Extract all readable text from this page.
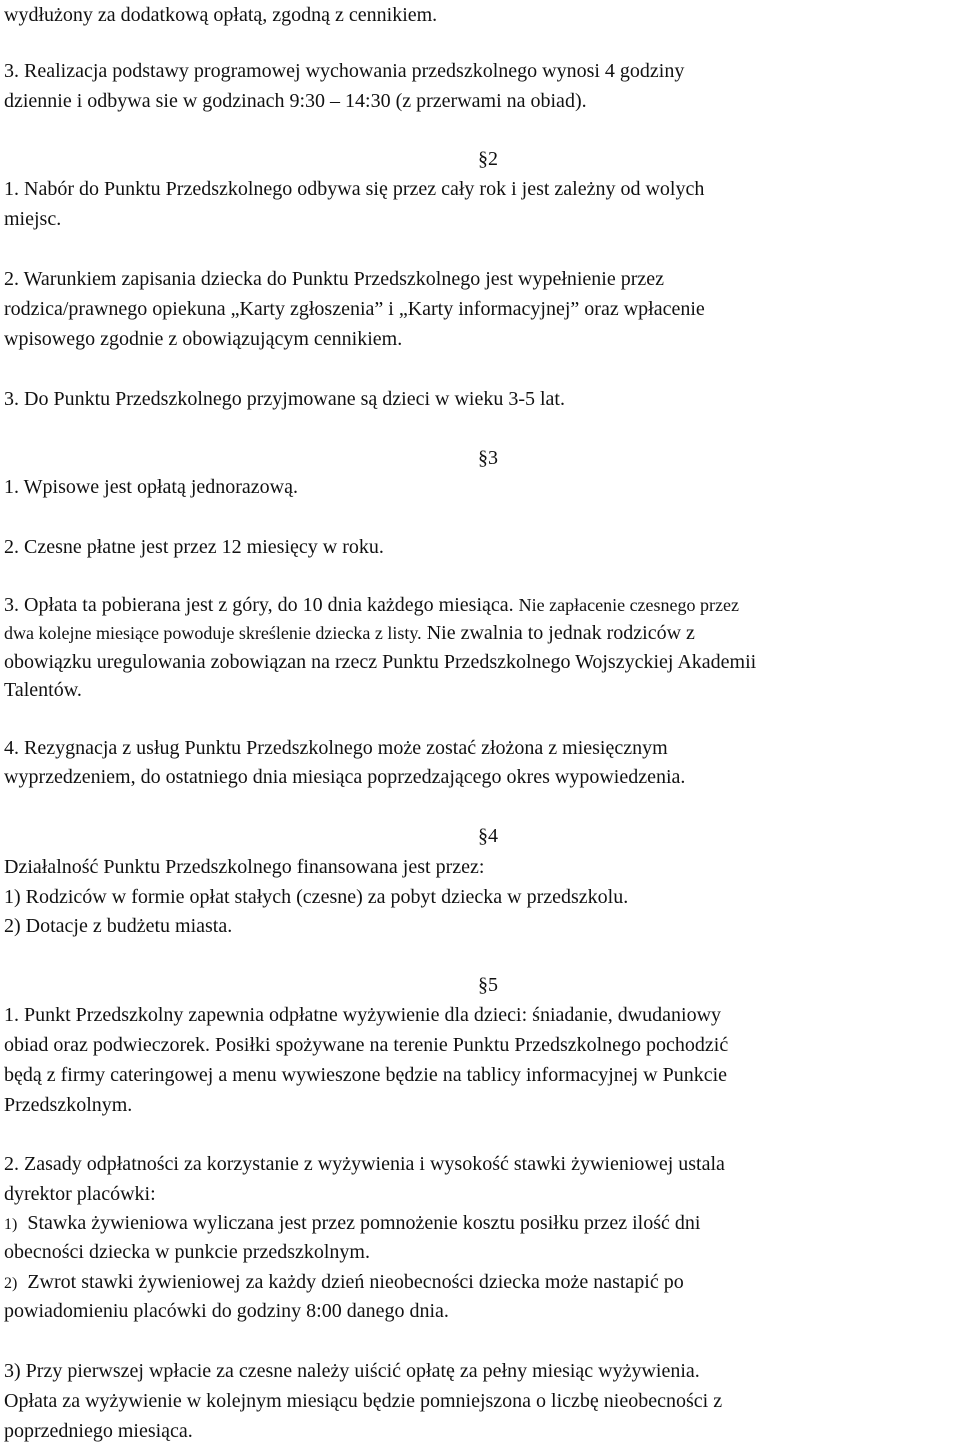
wydłużony za dodatkową opłatą, zgodną z cennikiem.

3. Realizacja podstawy programowej wychowania przedszkolnego wynosi 4 godziny

dziennie i odbywa sie w godzinach 9:30 – 14:30 (z przerwami na obiad).

§2

1. Nabór do Punktu Przedszkolnego odbywa się przez cały rok i jest zależny od wolych

miejsc.

2. Warunkiem zapisania dziecka do Punktu Przedszkolnego jest wypełnienie przez

rodzica/prawnego opiekuna „Karty zgłoszenia” i „Karty informacyjnej” oraz wpłacenie

wpisowego zgodnie z obowiązującym cennikiem.

3. Do Punktu Przedszkolnego przyjmowane są dzieci w wieku 3-5 lat.

§3

1. Wpisowe jest opłatą jednorazową.

2. Czesne płatne jest przez 12 miesięcy w roku.

3. Opłata ta pobierana jest z góry, do 10 dnia każdego miesiąca. Nie zapłacenie czesnego przez

dwa kolejne miesiące powoduje skreślenie dziecka z listy. Nie zwalnia to jednak rodziców z

obowiązku uregulowania zobowiązan na rzecz Punktu Przedszkolnego Wojszyckiej Akademii

Talentów.

4. Rezygnacja z usług Punktu Przedszkolnego może zostać złożona z miesięcznym

wyprzedzeniem, do ostatniego dnia miesiąca poprzedzającego okres wypowiedzenia.

§4

Działalność Punktu Przedszkolnego finansowana jest przez:

1) Rodziców w formie opłat stałych (czesne) za pobyt dziecka w przedszkolu.

2) Dotacje z budżetu miasta.

§5

1. Punkt Przedszkolny zapewnia odpłatne wyżywienie dla dzieci: śniadanie, dwudaniowy

obiad oraz podwieczorek. Posiłki spożywane na terenie Punktu Przedszkolnego pochodzić

będą z firmy cateringowej a menu wywieszone będzie na tablicy informacyjnej w Punkcie

Przedszkolnym.

2. Zasady odpłatności za korzystanie z wyżywienia i wysokość stawki żywieniowej ustala

dyrektor placówki:

1) Stawka żywieniowa wyliczana jest przez pomnożenie kosztu posiłku przez ilość dni

obecności dziecka w punkcie przedszkolnym.

2) Zwrot stawki żywieniowej za każdy dzień nieobecności dziecka może nastapić po

powiadomieniu placówki do godziny 8:00 danego dnia.

3) Przy pierwszej wpłacie za czesne należy uiścić opłatę za pełny miesiąc wyżywienia.

Opłata za wyżywienie w kolejnym miesiącu będzie pomniejszona o liczbę nieobecności z

poprzedniego miesiąca.
